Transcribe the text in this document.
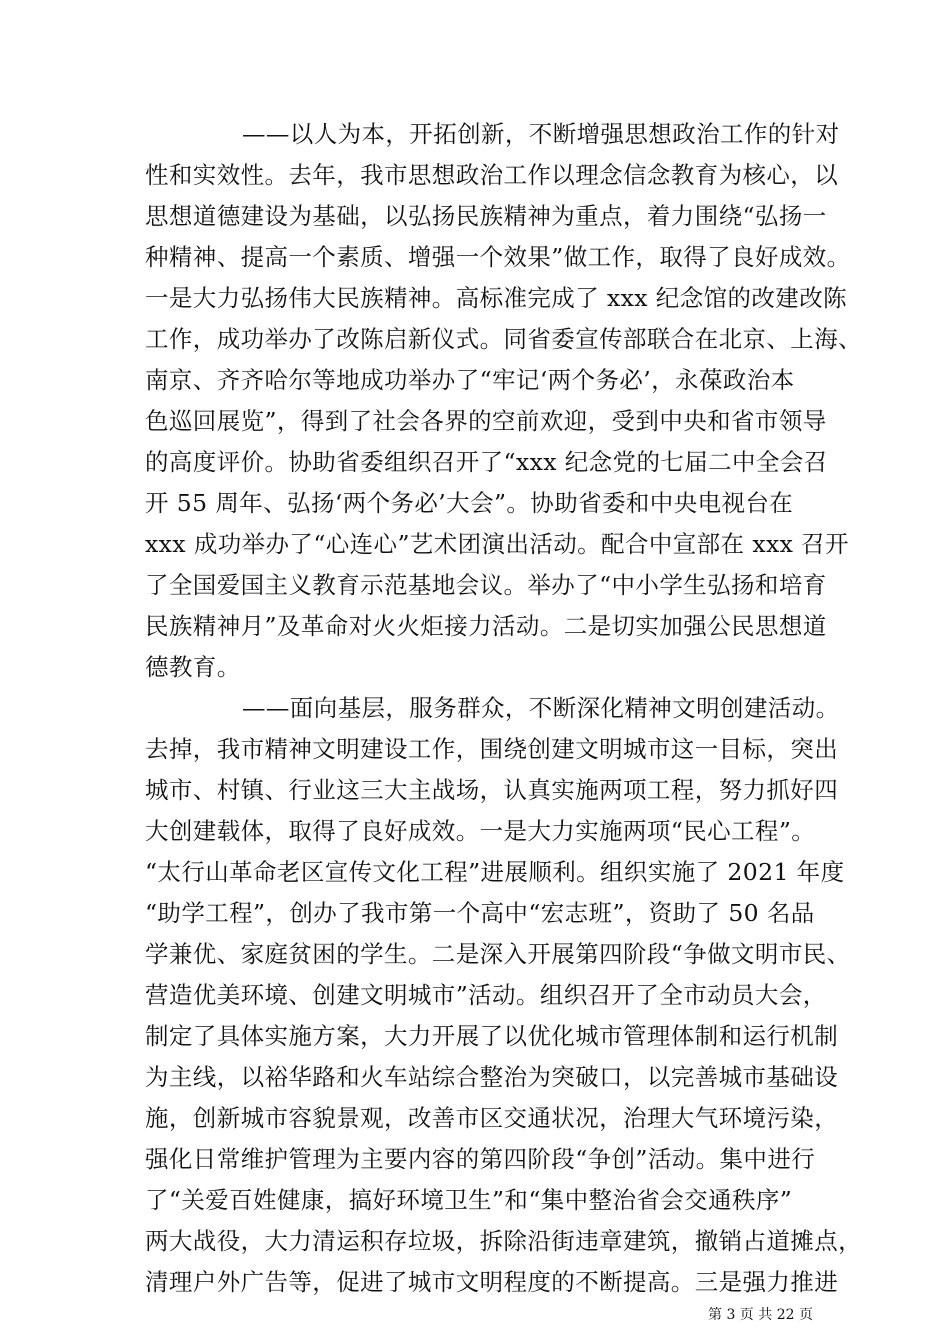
——以人为本，开拓创新，不断增强思想政治工作的针对
性和实效性。去年，我市思想政治工作以理念信念教育为核心，以
思想道德建设为基础，以弘扬民族精神为重点，着力围绕“弘扬一
种精神、提高一个素质、增强一个效果”做工作，取得了良好成效。
一是大力弘扬伟大民族精神。高标准完成了 xxx 纪念馆的改建改陈
工作，成功举办了改陈启新仪式。同省委宣传部联合在北京、上海、
南京、齐齐哈尔等地成功举办了“牢记‘两个务必’，永葆政治本
色巡回展览”，得到了社会各界的空前欢迎，受到中央和省市领导
的高度评价。协助省委组织召开了“xxx 纪念党的七届二中全会召
开 55 周年、弘扬‘两个务必’大会”。协助省委和中央电视台在
xxx 成功举办了“心连心”艺术团演出活动。配合中宣部在 xxx 召开
了全国爱国主义教育示范基地会议。举办了“中小学生弘扬和培育
民族精神月”及革命对火火炬接力活动。二是切实加强公民思想道
德教育。
——面向基层，服务群众，不断深化精神文明创建活动。
去掉，我市精神文明建设工作，围绕创建文明城市这一目标，突出
城市、村镇、行业这三大主战场，认真实施两项工程，努力抓好四
大创建载体，取得了良好成效。一是大力实施两项“民心工程”。
“太行山革命老区宣传文化工程”进展顺利。组织实施了 2021 年度
“助学工程”，创办了我市第一个高中“宏志班”，资助了 50 名品
学兼优、家庭贫困的学生。二是深入开展第四阶段“争做文明市民、
营造优美环境、创建文明城市”活动。组织召开了全市动员大会，
制定了具体实施方案，大力开展了以优化城市管理体制和运行机制
为主线，以裕华路和火车站综合整治为突破口，以完善城市基础设
施，创新城市容貌景观，改善市区交通状况，治理大气环境污染，
强化日常维护管理为主要内容的第四阶段“争创”活动。集中进行
了“关爱百姓健康，搞好环境卫生”和“集中整治省会交通秩序”
两大战役，大力清运积存垃圾，拆除沿街违章建筑，撤销占道摊点，
清理户外广告等，促进了城市文明程度的不断提高。三是强力推进
第 3 页 共 22 页
